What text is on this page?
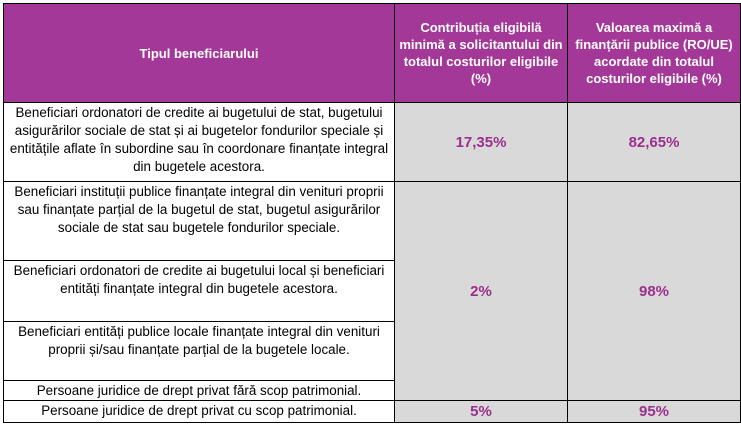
Tipul beneficiarului	Contribuția eligibilă minimă a solicitantului din totalul costurilor eligibile (%)	Valoarea maximă a finanțării publice (RO/UE) acordate din totalul costurilor eligibile (%)
Beneficiari ordonatori de credite ai bugetului de stat, bugetului asigurărilor sociale de stat și ai bugetelor fondurilor speciale și entitățile aflate în subordine sau în coordonare finanțate integral din bugetele acestora.	17,35%	82,65%
Beneficiari instituții publice finanțate integral din venituri proprii sau finanțate parțial de la bugetul de stat, bugetul asigurărilor sociale de stat sau bugetele fondurilor speciale.	2%	98%
Beneficiari ordonatori de credite ai bugetului local și beneficiari entități finanțate integral din bugetele acestora.		
Beneficiari entități publice locale finanțate integral din venituri proprii și/sau finanțate parțial de la bugetele locale.		
Persoane juridice de drept privat fără scop patrimonial.		
Persoane juridice de drept privat cu scop patrimonial.	5%	95%
